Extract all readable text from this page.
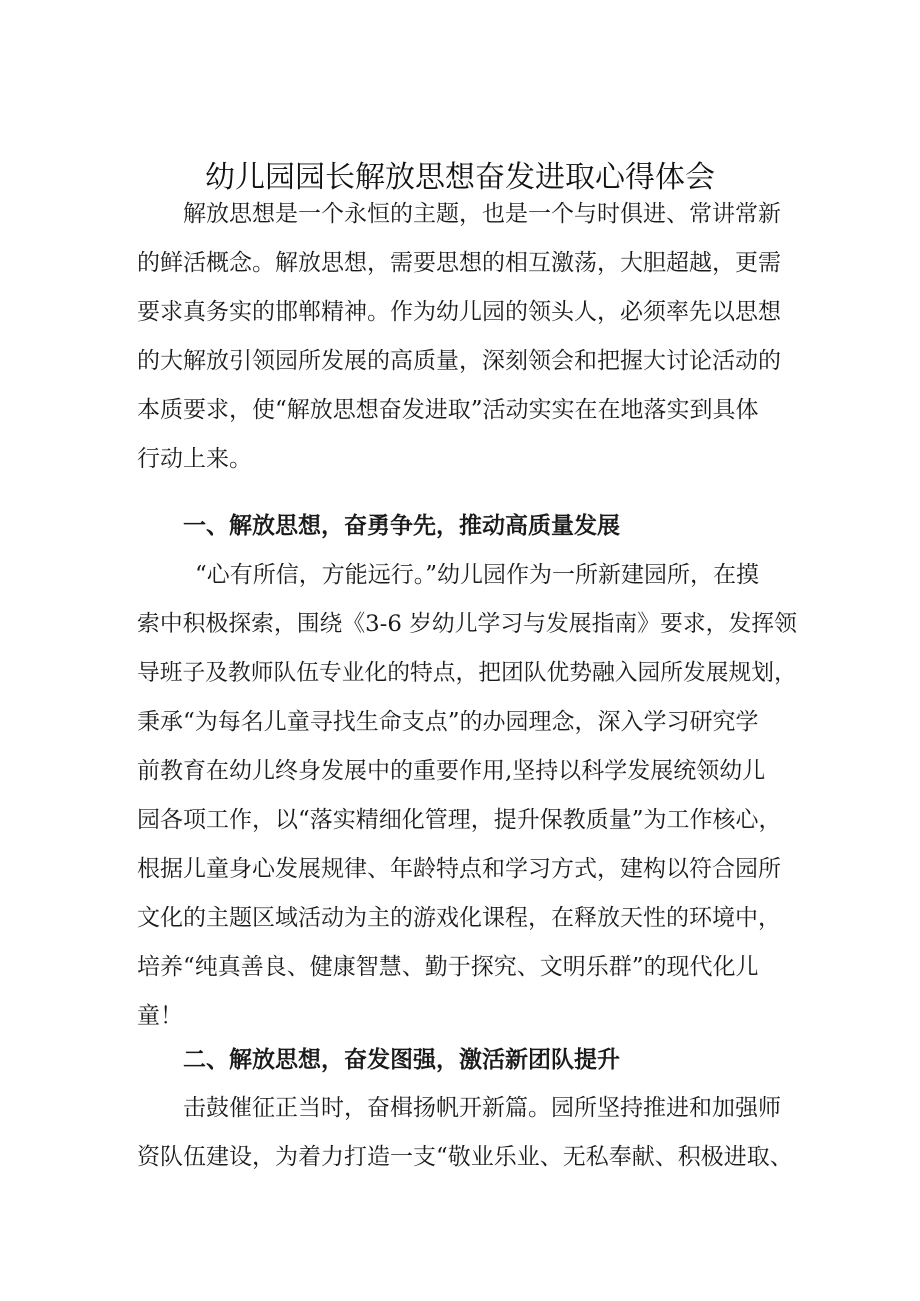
幼儿园园长解放思想奋发进取心得体会
解放思想是一个永恒的主题，也是一个与时俱进、常讲常新
的鲜活概念。解放思想，需要思想的相互激荡，大胆超越，更需
要求真务实的邯郸精神。作为幼儿园的领头人，必须率先以思想
的大解放引领园所发展的高质量，深刻领会和把握大讨论活动的
本质要求，使“解放思想奋发进取”活动实实在在地落实到具体
行动上来。
一、解放思想，奋勇争先，推动高质量发展
“心有所信，方能远行。”幼儿园作为一所新建园所，在摸
索中积极探索，围绕《3-6 岁幼儿学习与发展指南》要求，发挥领
导班子及教师队伍专业化的特点，把团队优势融入园所发展规划，
秉承“为每名儿童寻找生命支点”的办园理念，深入学习研究学
前教育在幼儿终身发展中的重要作用,坚持以科学发展统领幼儿
园各项工作，以“落实精细化管理，提升保教质量”为工作核心，
根据儿童身心发展规律、年龄特点和学习方式，建构以符合园所
文化的主题区域活动为主的游戏化课程，在释放天性的环境中，
培养“纯真善良、健康智慧、勤于探究、文明乐群”的现代化儿
童！
二、解放思想，奋发图强，激活新团队提升
击鼓催征正当时，奋楫扬帆开新篇。园所坚持推进和加强师
资队伍建设，为着力打造一支“敬业乐业、无私奉献、积极进取、
